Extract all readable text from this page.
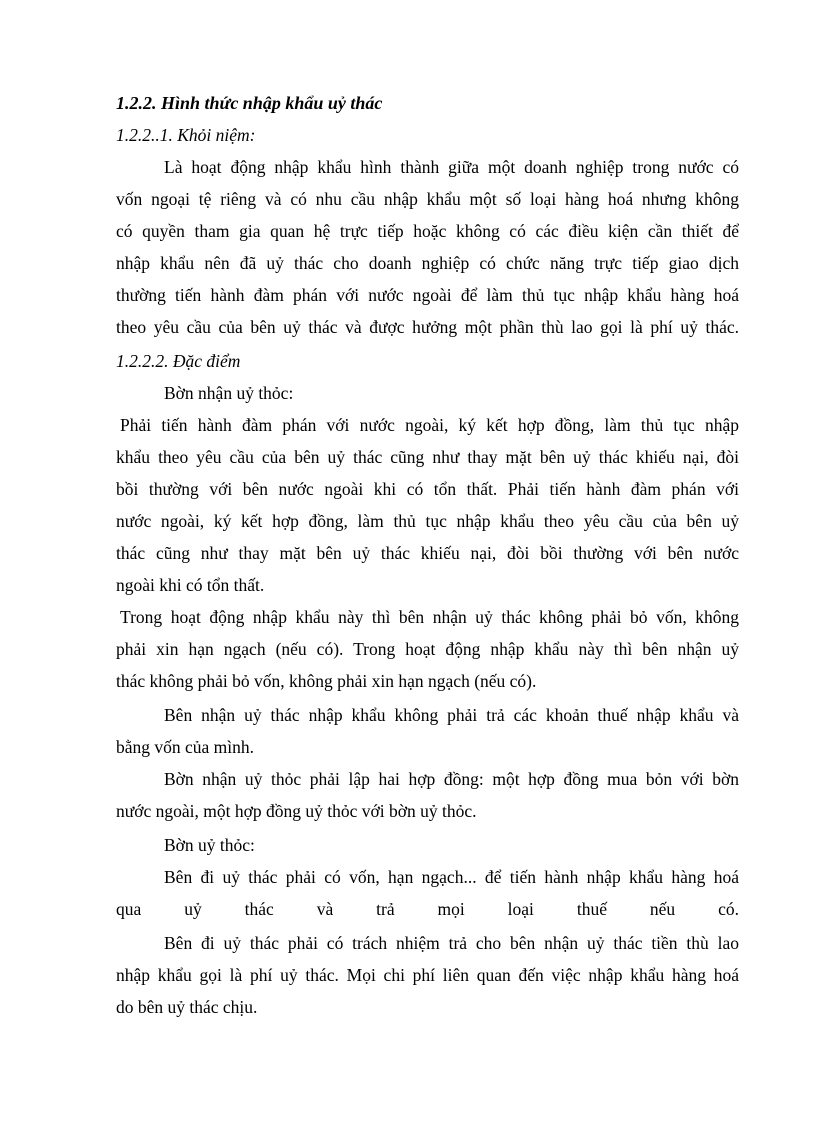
1.2.2. Hình thức nhập khẩu uỷ thác
1.2.2..1. Khỏi niệm:
Là hoạt động nhập khẩu hình thành giữa một doanh nghiệp trong nước có
vốn ngoại tệ riêng và có nhu cầu nhập khẩu một số loại hàng hoá nhưng không
có quyền tham gia quan hệ trực tiếp hoặc không có các điều kiện cần thiết để
nhập khẩu nên đã uỷ thác cho doanh nghiệp có chức năng trực tiếp giao dịch
thường tiến hành đàm phán với nước ngoài để làm thủ tục nhập khẩu hàng hoá
theo yêu cầu của bên uỷ thác và được hưởng một phần thù lao gọi là phí uỷ thác.
1.2.2.2. Đặc điểm
Bờn nhận uỷ thỏc:
Phải tiến hành đàm phán với nước ngoài, ký kết hợp đồng, làm thủ tục nhập
khẩu theo yêu cầu của bên uỷ thác cũng như thay mặt bên uỷ thác khiếu nại, đòi
bồi thường với bên nước ngoài khi có tổn thất. Phải tiến hành đàm phán với
nước ngoài, ký kết hợp đồng, làm thủ tục nhập khẩu theo yêu cầu của bên uỷ
thác cũng như thay mặt bên uỷ thác khiếu nại, đòi bồi thường với bên nước
ngoài khi có tổn thất.
Trong hoạt động nhập khẩu này thì bên nhận uỷ thác không phải bỏ vốn, không
phải xin hạn ngạch (nếu có). Trong hoạt động nhập khẩu này thì bên nhận uỷ
thác không phải bỏ vốn, không phải xin hạn ngạch (nếu có).
Bên nhận uỷ thác nhập khẩu không phải trả các khoản thuế nhập khẩu và
bằng vốn của mình.
Bờn nhận uỷ thỏc phải lập hai hợp đồng: một hợp đồng mua bỏn với bờn
nước ngoài, một hợp đồng uỷ thỏc với bờn uỷ thỏc.
Bờn uỷ thỏc:
Bên đi uỷ thác phải có vốn, hạn ngạch... để tiến hành nhập khẩu hàng hoá
qua uỷ thác và trả mọi loại thuế nếu có.
Bên đi uỷ thác phải có trách nhiệm trả cho bên nhận uỷ thác tiền thù lao
nhập khẩu gọi là phí uỷ thác. Mọi chi phí liên quan đến việc nhập khẩu hàng hoá
do bên uỷ thác chịu.
